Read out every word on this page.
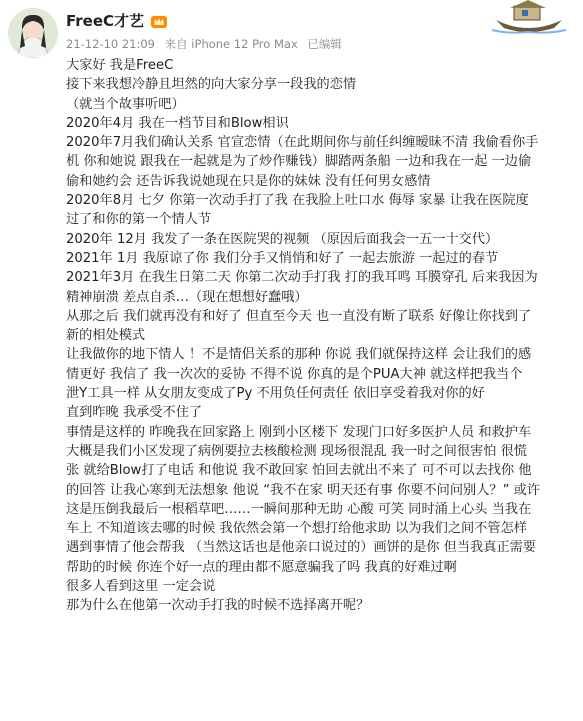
FreeC才艺
21-12-10 21:09 来自 iPhone 12 Pro Max 已编辑
大家好 我是FreeC
接下来我想冷静且坦然的向大家分享一段我的恋情
（就当个故事听吧）
2020年4月 我在一档节目和Blow相识
2020年7月我们确认关系 官宣恋情（在此期间你与前任纠缠暧昧不清 我偷看你手
机 你和她说 跟我在一起就是为了炒作赚钱）脚踏两条船 一边和我在一起 一边偷
偷和她约会 还告诉我说她现在只是你的妹妹 没有任何男女感情
2020年8月 七夕 你第一次动手打了我 在我脸上吐口水 侮辱 家暴 让我在医院度
过了和你的第一个情人节
2020年 12月 我发了一条在医院哭的视频 （原因后面我会一五一十交代）
2021年 1月 我原谅了你 我们分手又悄悄和好了 一起去旅游 一起过的春节
2021年3月 在我生日第二天 你第二次动手打我 打的我耳鸣 耳膜穿孔 后来我因为
精神崩溃 差点自杀…（现在想想好蠢哦）
从那之后 我们就再没有和好了 但直至今天 也一直没有断了联系 好像让你找到了
新的相处模式
让我做你的地下情人 ！不是情侣关系的那种 你说 我们就保持这样 会让我们的感
情更好 我信了 我一次次的妥协 不得不说 你真的是个PUA大神 就这样把我当个
泄Y工具一样 从女朋友变成了Py 不用负任何责任 依旧享受着我对你的好
直到昨晚 我承受不住了
事情是这样的 昨晚我在回家路上 刚到小区楼下 发现门口好多医护人员 和救护车
大概是我们小区发现了病例要拉去核酸检测 现场很混乱 我一时之间很害怕 很慌
张 就给Blow打了电话 和他说 我不敢回家 怕回去就出不来了 可不可以去找你 他
的回答 让我心寒到无法想象 他说 “我不在家 明天还有事 你要不问问别人？” 或许
这是压倒我最后一根稻草吧……一瞬间那种无助 心酸 可笑 同时涌上心头 当我在
车上 不知道该去哪的时候 我依然会第一个想打给他求助 以为我们之间不管怎样
遇到事情了他会帮我 （当然这话也是他亲口说过的）画饼的是你 但当我真正需要
帮助的时候 你连个好一点的理由都不愿意骗我了吗 我真的好难过啊
很多人看到这里 一定会说
那为什么在他第一次动手打我的时候不选择离开呢？
